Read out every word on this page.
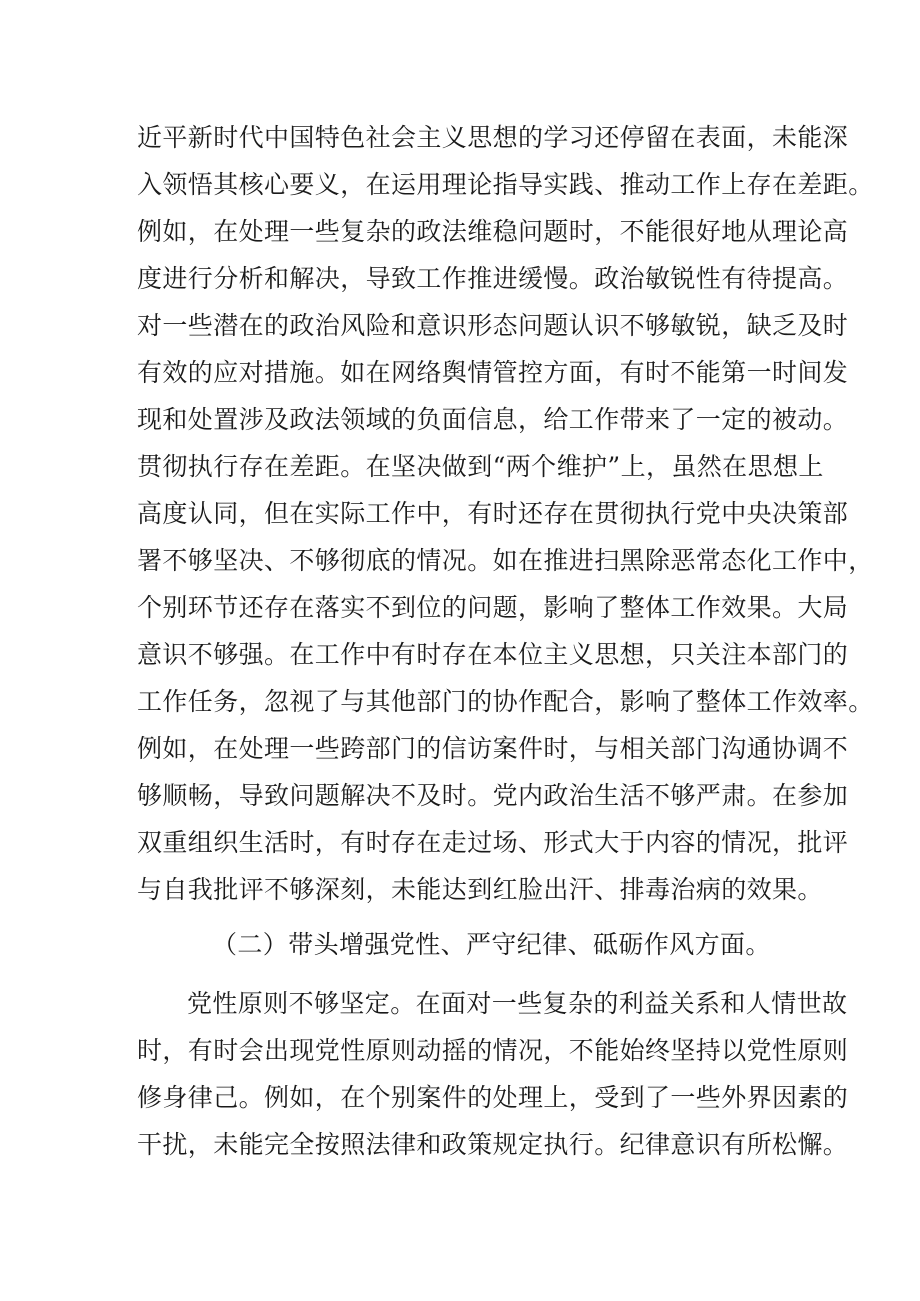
近平新时代中国特色社会主义思想的学习还停留在表面，未能深
入领悟其核心要义，在运用理论指导实践、推动工作上存在差距。
例如，在处理一些复杂的政法维稳问题时，不能很好地从理论高
度进行分析和解决，导致工作推进缓慢。政治敏锐性有待提高。
对一些潜在的政治风险和意识形态问题认识不够敏锐，缺乏及时
有效的应对措施。如在网络舆情管控方面，有时不能第一时间发
现和处置涉及政法领域的负面信息，给工作带来了一定的被动。
贯彻执行存在差距。在坚决做到“两个维护”上，虽然在思想上
高度认同，但在实际工作中，有时还存在贯彻执行党中央决策部
署不够坚决、不够彻底的情况。如在推进扫黑除恶常态化工作中，
个别环节还存在落实不到位的问题，影响了整体工作效果。大局
意识不够强。在工作中有时存在本位主义思想，只关注本部门的
工作任务，忽视了与其他部门的协作配合，影响了整体工作效率。
例如，在处理一些跨部门的信访案件时，与相关部门沟通协调不
够顺畅，导致问题解决不及时。党内政治生活不够严肃。在参加
双重组织生活时，有时存在走过场、形式大于内容的情况，批评
与自我批评不够深刻，未能达到红脸出汗、排毒治病的效果。
（二）带头增强党性、严守纪律、砥砺作风方面。
党性原则不够坚定。在面对一些复杂的利益关系和人情世故
时，有时会出现党性原则动摇的情况，不能始终坚持以党性原则
修身律己。例如，在个别案件的处理上，受到了一些外界因素的
干扰，未能完全按照法律和政策规定执行。纪律意识有所松懈。
